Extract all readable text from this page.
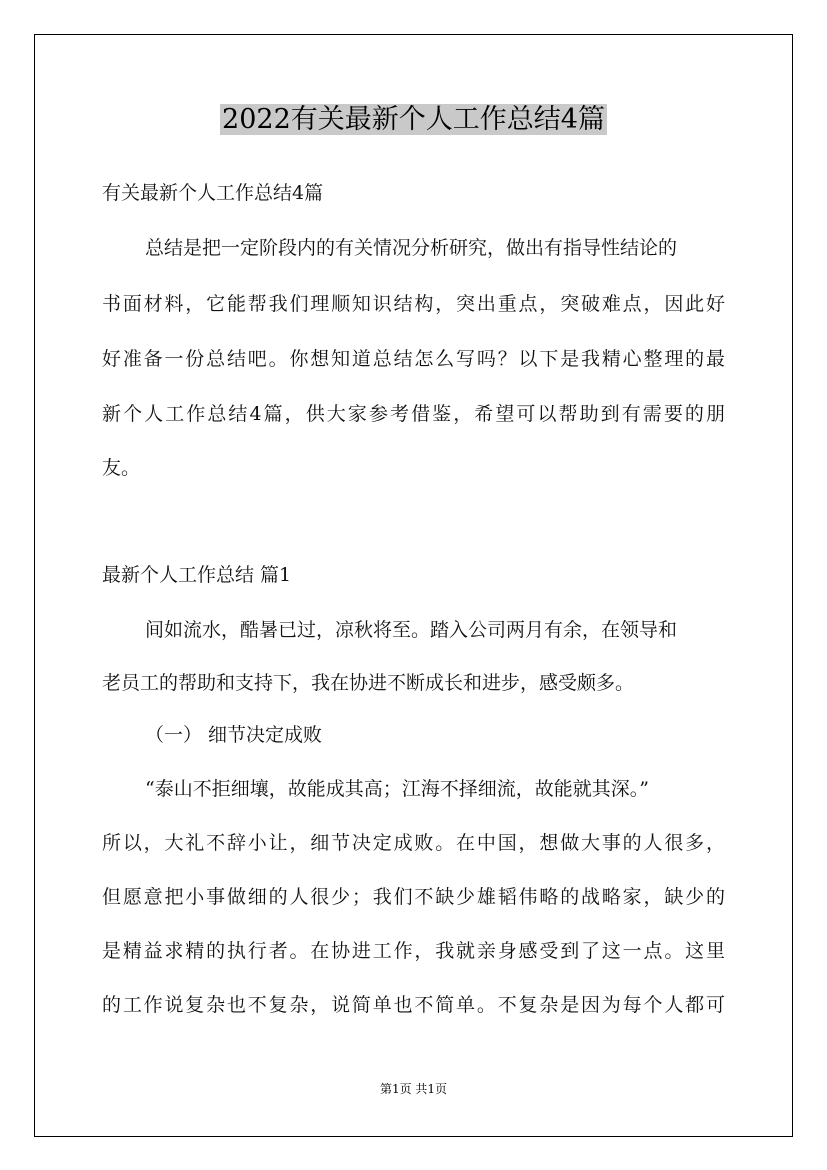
2022有关最新个人工作总结4篇
有关最新个人工作总结4篇
总结是把一定阶段内的有关情况分析研究，做出有指导性结论的
书面材料，它能帮我们理顺知识结构，突出重点，突破难点，因此好
好准备一份总结吧。你想知道总结怎么写吗？以下是我精心整理的最
新个人工作总结4篇，供大家参考借鉴，希望可以帮助到有需要的朋
友。
最新个人工作总结 篇1
间如流水，酷暑已过，凉秋将至。踏入公司两月有余，在领导和
老员工的帮助和支持下，我在协进不断成长和进步，感受颇多。
（一） 细节决定成败
“泰山不拒细壤，故能成其高；江海不择细流，故能就其深。”
所以，大礼不辞小让，细节决定成败。在中国，想做大事的人很多，
但愿意把小事做细的人很少；我们不缺少雄韬伟略的战略家，缺少的
是精益求精的执行者。在协进工作，我就亲身感受到了这一点。这里
的工作说复杂也不复杂，说简单也不简单。不复杂是因为每个人都可
第1页 共1页
